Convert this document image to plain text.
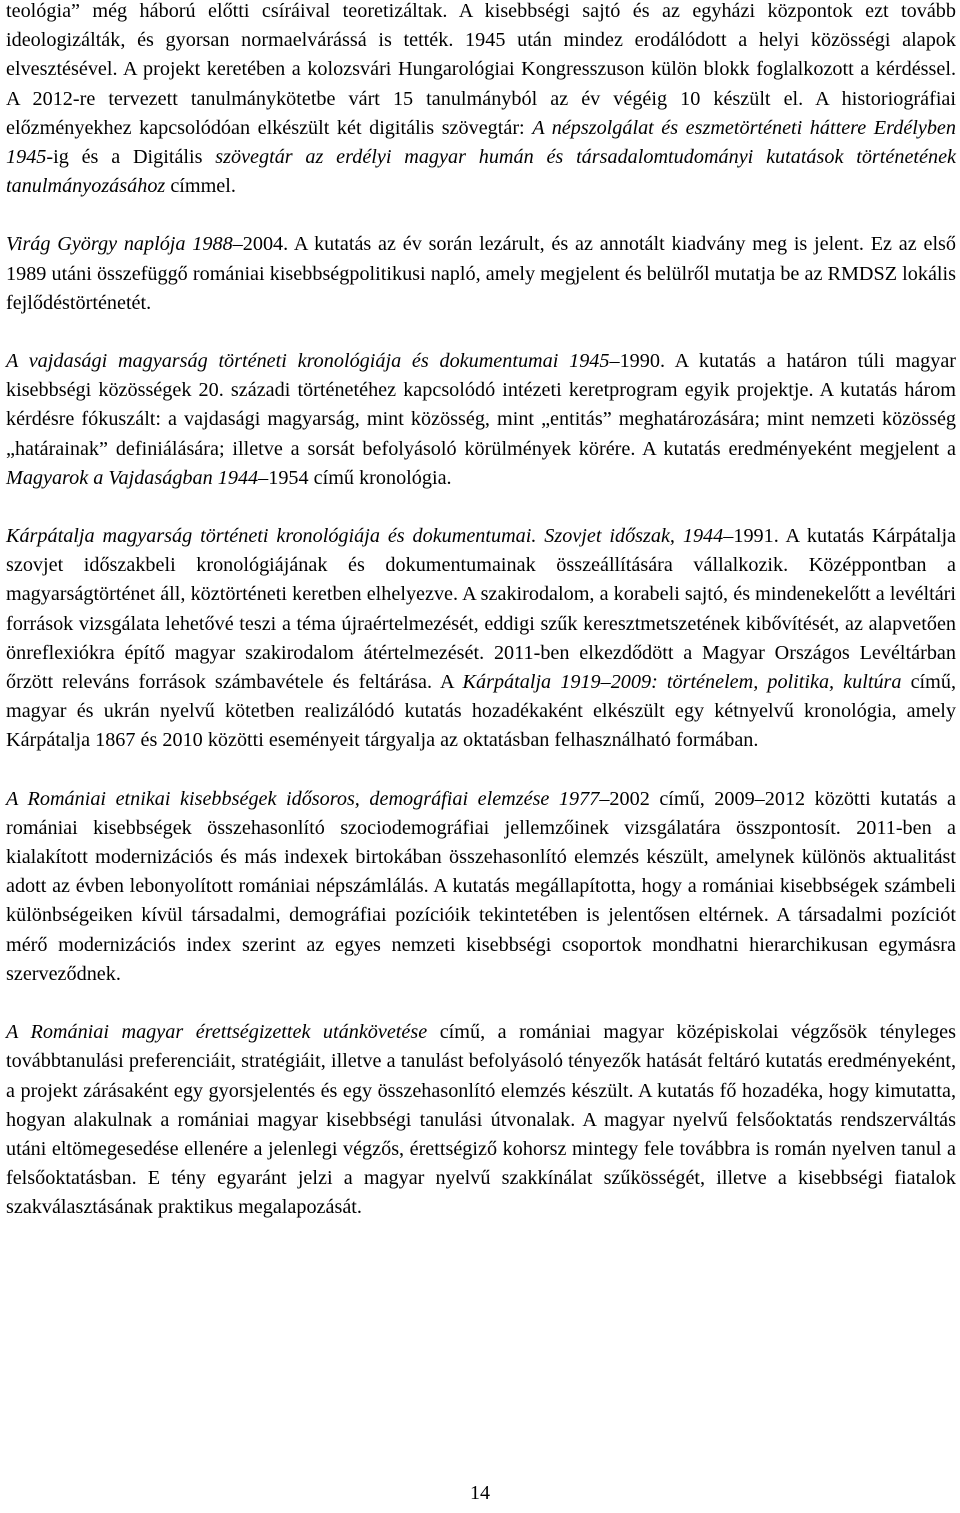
teológia” még háború előtti csíráival teoretizáltak. A kisebbségi sajtó és az egyházi központok ezt tovább ideologizálták, és gyorsan normaelvárássá is tették. 1945 után mindez erodálódott a helyi közösségi alapok elvesztésével. A projekt keretében a kolozsvári Hungarológiai Kongresszuson külön blokk foglalkozott a kérdéssel. A 2012-re tervezett tanulmánykötetbe várt 15 tanulmányból az év végéig 10 készült el. A historiográfiai előzményekhez kapcsolódóan elkészült két digitális szövegtár: A népszolgálat és eszmetörténeti háttere Erdélyben 1945-ig és a Digitális szövegtár az erdélyi magyar humán és társadalomtudományi kutatások történetének tanulmányozásához címmel.

Virág György naplója 1988–2004. A kutatás az év során lezárult, és az annotált kiadvány meg is jelent. Ez az első 1989 utáni összefüggő romániai kisebbségpolitikusi napló, amely megjelent és belülről mutatja be az RMDSZ lokális fejlődéstörténetét.

A vajdasági magyarság történeti kronológiája és dokumentumai 1945–1990. A kutatás a határon túli magyar kisebbségi közösségek 20. századi történetéhez kapcsolódó intézeti keretprogram egyik projektje. A kutatás három kérdésre fókuszált: a vajdasági magyarság, mint közösség, mint „entitás” meghatározására; mint nemzeti közösség „határainak” definiálására; illetve a sorsát befolyásoló körülmények körére. A kutatás eredményeként megjelent a Magyarok a Vajdaságban 1944–1954 című kronológia.

Kárpátalja magyarság történeti kronológiája és dokumentumai. Szovjet időszak, 1944–1991. A kutatás Kárpátalja szovjet időszakbeli kronológiájának és dokumentumainak összeállítására vállalkozik. Középpontban a magyarságtörténet áll, köztörténeti keretben elhelyezve. A szakirodalom, a korabeli sajtó, és mindenekelőtt a levéltári források vizsgálata lehetővé teszi a téma újraértelmezését, eddigi szűk keresztmetszetének kibővítését, az alapvetően önreflexiókra építő magyar szakirodalom átértelmezését. 2011-ben elkezdődött a Magyar Országos Levéltárban őrzött releváns források számbavétele és feltárása. A Kárpátalja 1919–2009: történelem, politika, kultúra című, magyar és ukrán nyelvű kötetben realizálódó kutatás hozadékaként elkészült egy kétnyelvű kronológia, amely Kárpátalja 1867 és 2010 közötti eseményeit tárgyalja az oktatásban felhasználható formában.

A Romániai etnikai kisebbségek idősoros, demográfiai elemzése 1977–2002 című, 2009–2012 közötti kutatás a romániai kisebbségek összehasonlító szociodemográfiai jellemzőinek vizsgálatára összpontosít. 2011-ben a kialakított modernizációs és más indexek birtokában összehasonlító elemzés készült, amelynek különös aktualitást adott az évben lebonyolított romániai népszámlálás. A kutatás megállapította, hogy a romániai kisebbségek számbeli különbségeiken kívül társadalmi, demográfiai pozícióik tekintetében is jelentősen eltérnek. A társadalmi pozíciót mérő modernizációs index szerint az egyes nemzeti kisebbségi csoportok mondhatni hierarchikusan egymásra szerveződnek.

A Romániai magyar érettségizettek utánkövetése című, a romániai magyar középiskolai végzősök tényleges továbbtanulási preferenciáit, stratégiáit, illetve a tanulást befolyásoló tényezők hatását feltáró kutatás eredményeként, a projekt zárásaként egy gyorsjelentés és egy összehasonlító elemzés készült. A kutatás fő hozadéka, hogy kimutatta, hogyan alakulnak a romániai magyar kisebbségi tanulási útvonalak. A magyar nyelvű felsőoktatás rendszerváltás utáni eltömegesedése ellenére a jelenlegi végzős, érettségiző kohorsz mintegy fele továbbra is román nyelven tanul a felsőoktatásban. E tény egyaránt jelzi a magyar nyelvű szakkínálat szűkösségét, illetve a kisebbségi fiatalok szakválasztásának praktikus megalapozását.

14
